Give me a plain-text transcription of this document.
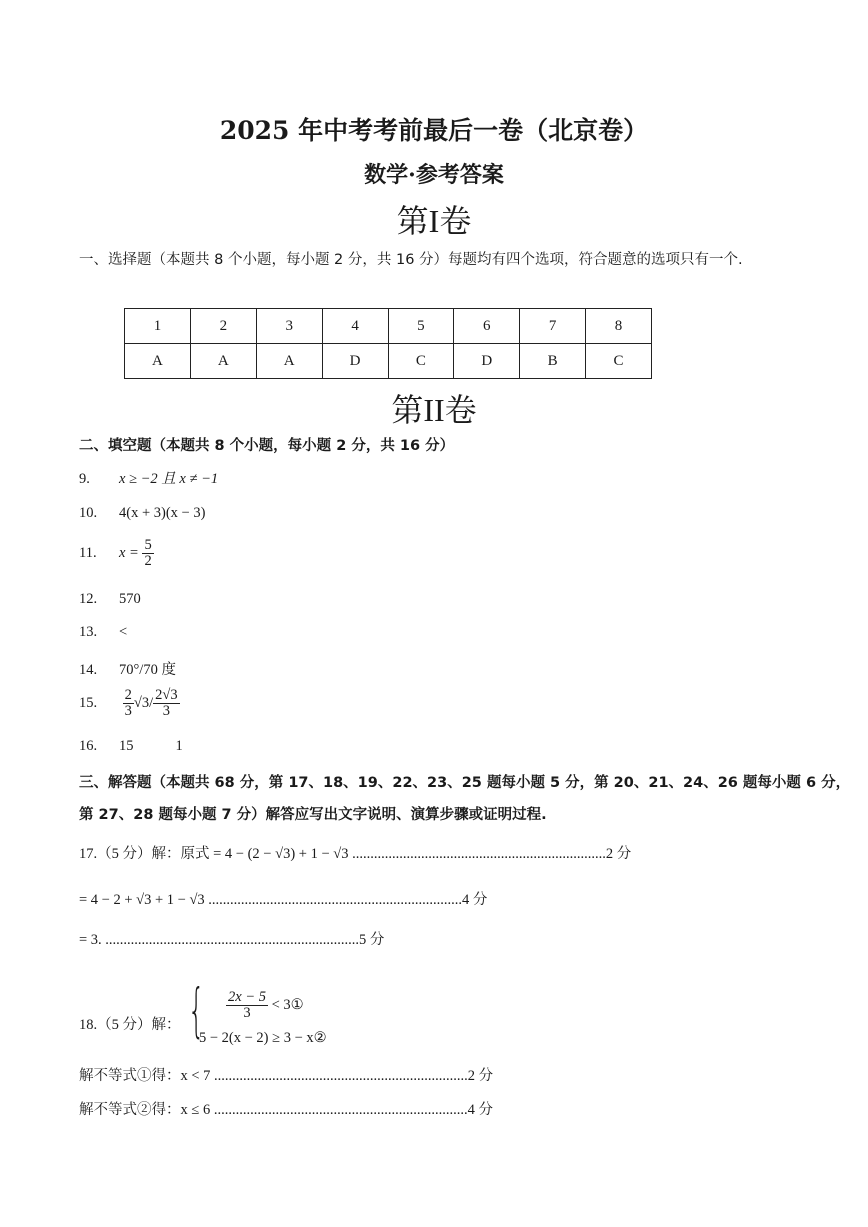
2025 年中考考前最后一卷（北京卷）
数学·参考答案
第I卷
一、选择题（本题共 8 个小题，每小题 2 分，共 16 分）每题均有四个选项，符合题意的选项只有一个.
1	2	3	4	5	6	7	8
A	A	A	D	C	D	B	C
第II卷
二、填空题（本题共 8 个小题，每小题 2 分，共 16 分）
9. x ≥ −2 且 x ≠ −1
10. 4(x + 3)(x − 3)
11. $x = \frac{5}{2}$
12. 570
13. <
14. 70°/70 度
15. $\frac{2}{3} √3/ \frac{2√3}{3}$
16. 15	1
三、解答题（本题共 68 分，第 17、18、19、22、23、25 题每小题 5 分，第 20、21、24、26 题每小题 6 分，
第 27、28 题每小题 7 分）解答应写出文字说明、演算步骤或证明过程.
17.（5 分）解：原式 = 4 − (2 − √3) + 1 − √3 ......................................................................2 分
= 4 − 2 + √3 + 1 − √3 ......................................................................4 分
= 3. ......................................................................5 分
18.（5 分）解： { $\frac{2x - 5}{3}$ < 3①
5 − 2(x − 2) ≥ 3 − x②
解不等式①得：x < 7 ......................................................................2 分
解不等式②得：x ≤ 6 ......................................................................4 分
